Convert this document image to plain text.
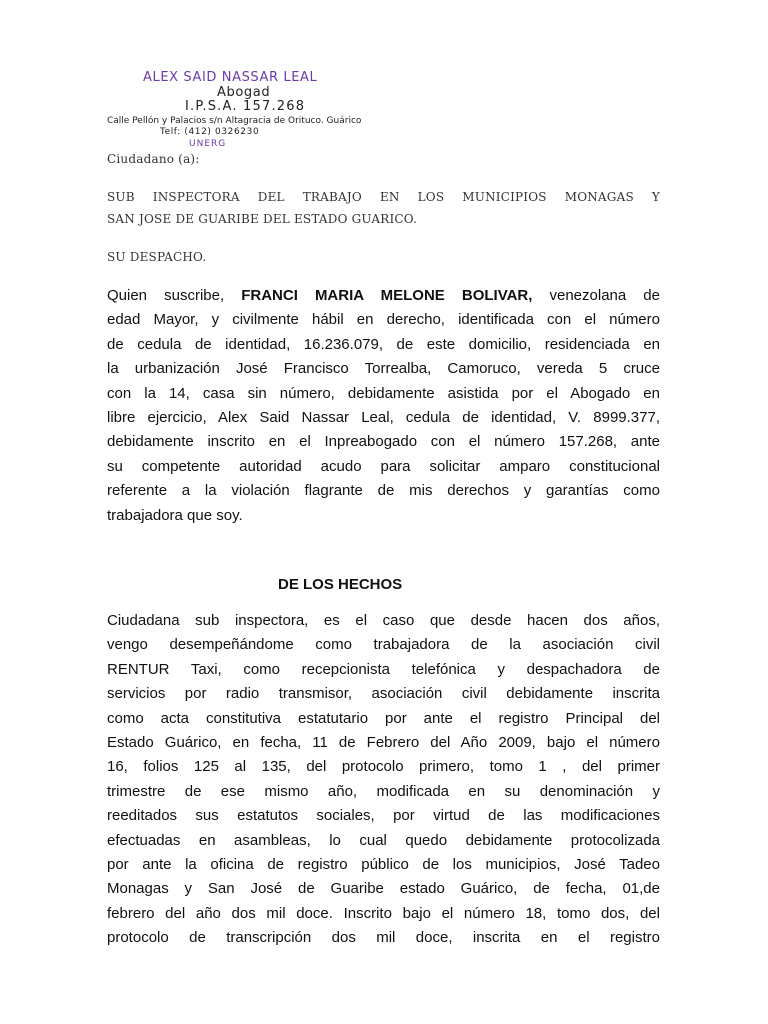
ALEX SAID NASSAR LEAL
Abogad
I.P.S.A. 157.268
Calle Pellón y Palacios s/n Altagracia de Orituco. Guárico
Telf: (412) 0326230
UNERG
Ciudadano (a):
SUB INSPECTORA DEL TRABAJO EN LOS MUNICIPIOS MONAGAS Y
SAN JOSE DE GUARIBE DEL ESTADO GUARICO.
SU DESPACHO.
Quien suscribe, FRANCI MARIA MELONE BOLIVAR, venezolana de
edad Mayor, y civilmente hábil en derecho, identificada con el número
de cedula de identidad, 16.236.079, de este domicilio, residenciada en
la urbanización José Francisco Torrealba, Camoruco, vereda 5 cruce
con la 14, casa sin número, debidamente asistida por el Abogado en
libre ejercicio, Alex Said Nassar Leal, cedula de identidad, V. 8999.377,
debidamente inscrito en el Inpreabogado con el número 157.268, ante
su competente autoridad acudo para solicitar amparo constitucional
referente a la violación flagrante de mis derechos y garantías como
trabajadora que soy.
DE LOS HECHOS
Ciudadana sub inspectora, es el caso que desde hacen dos años,
vengo desempeñándome como trabajadora de la asociación civil
RENTUR Taxi, como recepcionista telefónica y despachadora de
servicios por radio transmisor, asociación civil debidamente inscrita
como acta constitutiva estatutario por ante el registro Principal del
Estado Guárico, en fecha, 11 de Febrero del Año 2009, bajo el número
16, folios 125 al 135, del protocolo primero, tomo 1 , del primer
trimestre de ese mismo año, modificada en su denominación y
reeditados sus estatutos sociales, por virtud de las modificaciones
efectuadas en asambleas, lo cual quedo debidamente protocolizada
por ante la oficina de registro público de los municipios, José Tadeo
Monagas y San José de Guaribe estado Guárico, de fecha, 01,de
febrero del año dos mil doce. Inscrito bajo el número 18, tomo dos, del
protocolo de transcripción dos mil doce, inscrita en el registro
